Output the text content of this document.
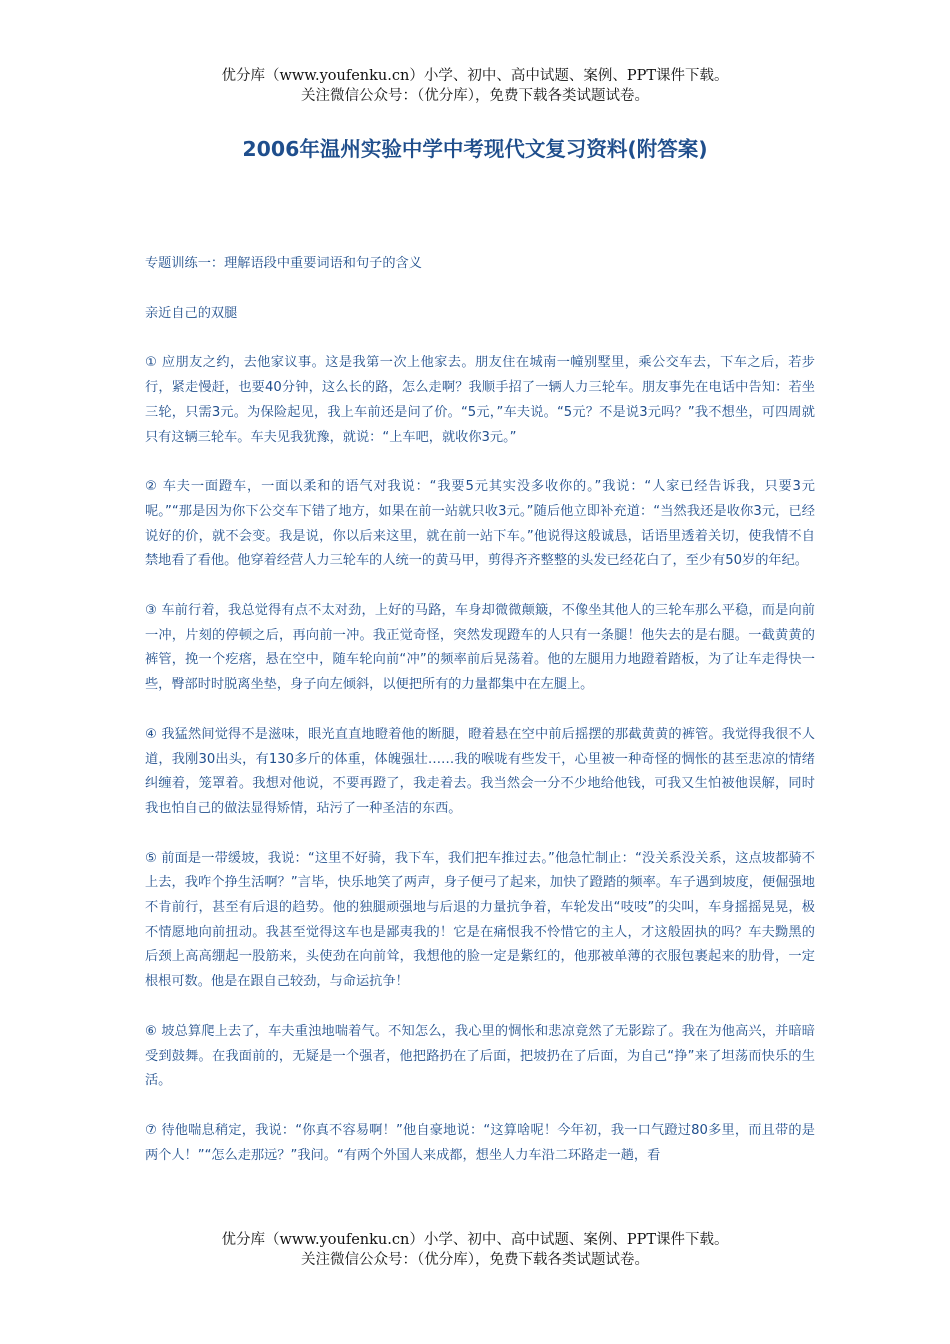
优分库（www.youfenku.cn）小学、初中、高中试题、案例、PPT课件下载。
关注微信公众号：（优分库），免费下载各类试题试卷。
2006年温州实验中学中考现代文复习资料(附答案)

专题训练一：理解语段中重要词语和句子的含义

亲近自己的双腿

① 应朋友之约，去他家议事。这是我第一次上他家去。朋友住在城南一幢别墅里，乘公交车去，下车之后，若步行，紧走慢赶，也要40分钟，这么长的路，怎么走啊？我顺手招了一辆人力三轮车。朋友事先在电话中告知：若坐三轮，只需3元。为保险起见，我上车前还是问了价。“5元，”车夫说。“5元？不是说3元吗？”我不想坐，可四周就只有这辆三轮车。车夫见我犹豫，就说：“上车吧，就收你3元。”

② 车夫一面蹬车，一面以柔和的语气对我说：“我要5元其实没多收你的。”我说：“人家已经告诉我，只要3元呢。”“那是因为你下公交车下错了地方，如果在前一站就只收3元。”随后他立即补充道：“当然我还是收你3元，已经说好的价，就不会变。我是说，你以后来这里，就在前一站下车。”他说得这般诚恳，话语里透着关切，使我情不自禁地看了看他。他穿着经营人力三轮车的人统一的黄马甲，剪得齐齐整整的头发已经花白了，至少有50岁的年纪。

③ 车前行着，我总觉得有点不太对劲，上好的马路，车身却微微颠簸，不像坐其他人的三轮车那么平稳，而是向前一冲，片刻的停顿之后，再向前一冲。我正觉奇怪，突然发现蹬车的人只有一条腿！他失去的是右腿。一截黄黄的裤管，挽一个疙瘩，悬在空中，随车轮向前“冲”的频率前后晃荡着。他的左腿用力地蹬着踏板，为了让车走得快一些，臀部时时脱离坐垫，身子向左倾斜，以便把所有的力量都集中在左腿上。

④ 我猛然间觉得不是滋味，眼光直直地瞪着他的断腿，瞪着悬在空中前后摇摆的那截黄黄的裤管。我觉得我很不人道，我刚30出头，有130多斤的体重，体魄强壮……我的喉咙有些发干，心里被一种奇怪的惆怅的甚至悲凉的情绪纠缠着，笼罩着。我想对他说，不要再蹬了，我走着去。我当然会一分不少地给他钱，可我又生怕被他误解，同时我也怕自己的做法显得矫情，玷污了一种圣洁的东西。

⑤ 前面是一带缓坡，我说：“这里不好骑，我下车，我们把车推过去。”他急忙制止：“没关系没关系，这点坡都骑不上去，我咋个挣生活啊？”言毕，快乐地笑了两声，身子便弓了起来，加快了蹬踏的频率。车子遇到坡度，便倔强地不肯前行，甚至有后退的趋势。他的独腿顽强地与后退的力量抗争着，车轮发出“吱吱”的尖叫，车身摇摇晃晃，极不情愿地向前扭动。我甚至觉得这车也是鄙夷我的！它是在痛恨我不怜惜它的主人，才这般固执的吗？车夫黝黑的后颈上高高绷起一股筋来，头使劲在向前耸，我想他的脸一定是紫红的，他那被单薄的衣服包裹起来的肋骨，一定根根可数。他是在跟自己较劲，与命运抗争！

⑥ 坡总算爬上去了，车夫重浊地喘着气。不知怎么，我心里的惆怅和悲凉竟然了无影踪了。我在为他高兴，并暗暗受到鼓舞。在我面前的，无疑是一个强者，他把路扔在了后面，把坡扔在了后面，为自己“挣”来了坦荡而快乐的生活。

⑦ 待他喘息稍定，我说：“你真不容易啊！”他自豪地说：“这算啥呢！今年初，我一口气蹬过80多里，而且带的是两个人！”“怎么走那远？”我问。“有两个外国人来成都，想坐人力车沿二环路走一趟，看

优分库（www.youfenku.cn）小学、初中、高中试题、案例、PPT课件下载。
关注微信公众号：（优分库），免费下载各类试题试卷。
